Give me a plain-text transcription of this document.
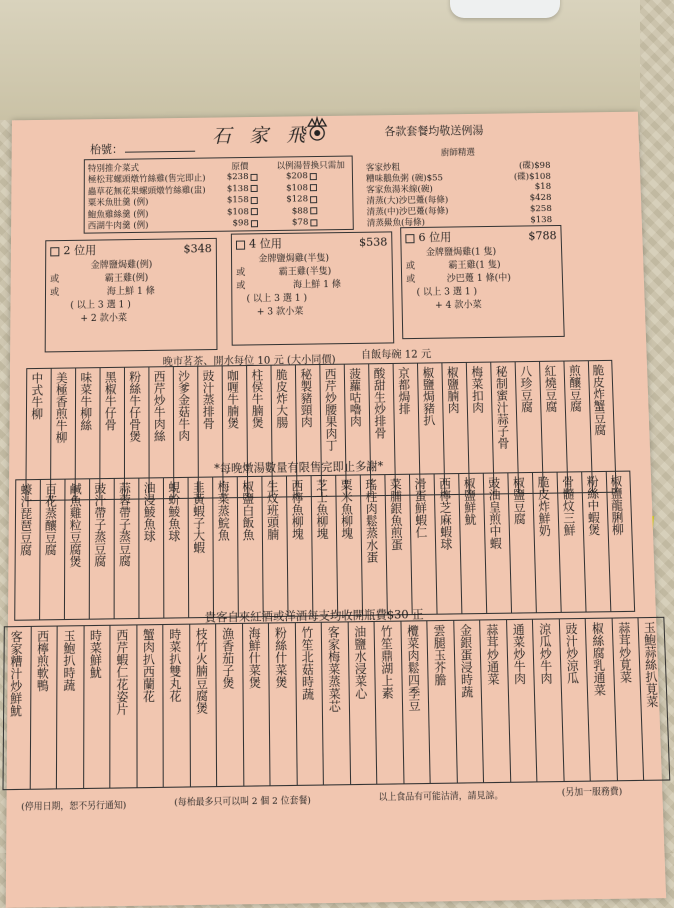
石 家 飛
枱號：
各款套餐均敬送例湯
特別推介菜式	原價	以例湯替換只需加
極松茸螺頭燉竹絲雞(售完即止)	$238	$208
蟲草花無花果螺頭燉竹絲雞(盅)	$138	$108
粟米魚肚羹 (例)	$158	$128
鮑魚雞絲羹 (例)	$108	$88
西湖牛肉羹 (例)	$98	$78
廚師精選
客家炒粗	(碟)$98
糟味鵝魚粥 (碗)$55	(碟)$108
客家魚湯米線(碗)	$18
清蒸(大)沙巴躉(每條)	$428
清蒸(中)沙巴躉(每條)	$258
清蒸鱟魚(每條)	$138
2 位用	$348
金牌鹽焗雞(例)
或	霸王雞(例)
或	海上鮮 1 條
( 以上 3 選 1 )
+ 2 款小菜
4 位用	$538
金牌鹽焗雞(半隻)
或	霸王雞(半隻)
或	海上鮮 1 條
( 以上 3 選 1 )
+ 3 款小菜
6 位用	$788
金牌鹽焗雞(1 隻)
或	霸王雞(1 隻)
或	沙巴躉 1 條(中)
( 以上 3 選 1 )
+ 4 款小菜
晚市茗茶、開水每位 10 元 (大小同價)	自飯每碗 12 元
中式牛柳 美極香煎牛柳 味菜牛柳絲 黑椒牛仔骨 粉絲牛仔骨煲 西芹炒牛肉絲 沙爹金菇牛肉 豉汁蒸排骨 咖喱牛腩煲 柱侯牛腩煲 脆皮炸大腸 秘製豬頸肉 西芹炒腰果肉丁 菠蘿咕嚕肉 酸甜生炒排骨 京都焗排 椒鹽焗豬扒 椒鹽腩肉 梅菜扣肉 秘制蜜汁蒜子骨 八珍豆腐 紅燒豆腐 煎釀豆腐 脆皮炸蟹豆腐
*每晚燉湯數量有限售完即止多謝*
蠔汁琵琶豆腐 百花蒸釀豆腐 鹹魚雞粒豆腐煲 豉汁帶子蒸豆腐 蒜蓉帶子蒸豆腐 油浸鯪魚球 蜆蚧鯪魚球 韭黃蝦子大蝦 梅菜蒸鯇魚 椒鹽白飯魚 生炆班頭腩 西檸魚柳塊 芝士魚柳塊 粟米魚柳塊 瑤柱肉鬆蒸水蛋 菜脯銀魚煎蛋 滑蛋鮮蝦仁 西檸芝麻蝦球 椒鹽鮮魷 豉油皇煎中蝦 椒鹽豆腐 脆皮炸鮮奶 骨髓炆三鮮 粉絲中蝦煲 椒鹽龍脷柳
貴客自來紅酒或洋酒每支均收開瓶費$30 正
客家糟汁炒鮮魷	西檸煎軟鴨	玉鮑扒時蔬	時菜鮮魷	西芹蝦仁花姿片	蟹肉扒西蘭花	時菜扒雙丸花	枝竹火腩豆腐煲 漁香茄子煲 海鮮什菜煲 粉絲什菜煲 竹笙北菇時蔬 客家梅菜蒸菜芯 油鹽水浸菜心 竹笙鼎湖上素 欖菜肉鬆四季豆 雲腿玉芥膽 金銀蛋浸時蔬 蒜茸炒通菜 通菜炒牛肉 涼瓜炒牛肉 豉汁炒涼瓜 椒絲腐乳通菜 蒜茸炒莧菜 玉鮑蒜絲扒莧菜
(停用日期，恕不另行通知)	(每枱最多只可以叫 2 個 2 位套餐)	以上食品有可能沽清，請見諒。	(另加一服務費)
